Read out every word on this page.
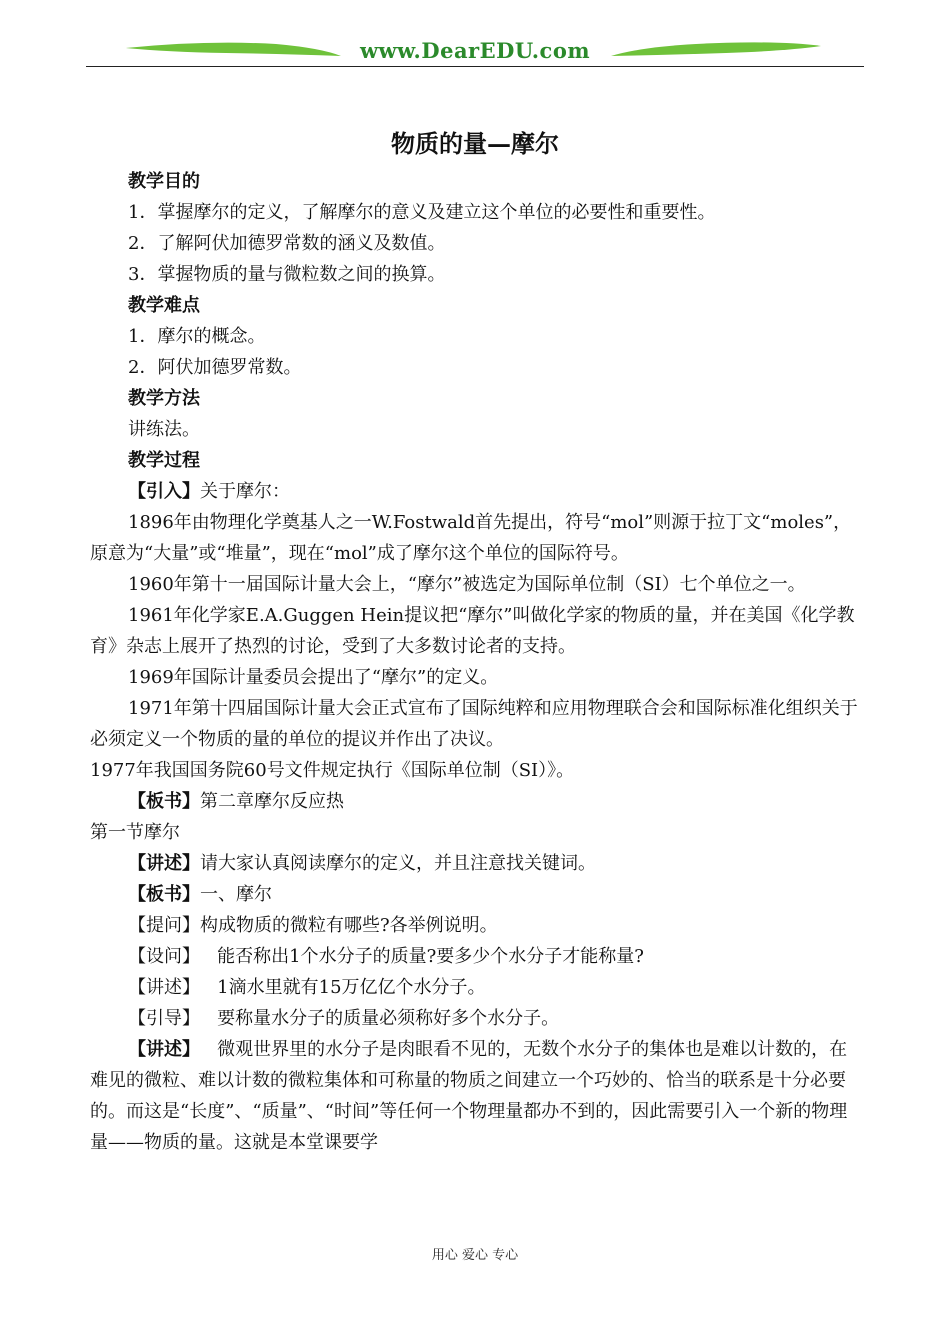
www.DearEDU.com
物质的量—摩尔

教学目的

1．掌握摩尔的定义，了解摩尔的意义及建立这个单位的必要性和重要性。

2．了解阿伏加德罗常数的涵义及数值。

3．掌握物质的量与微粒数之间的换算。

教学难点

1．摩尔的概念。

2．阿伏加德罗常数。

教学方法

讲练法。

教学过程

【引入】关于摩尔：

1896年由物理化学奠基人之一W.Fostwald首先提出，符号“mol”则源于拉丁文“moles”，原意为“大量”或“堆量”，现在“mol”成了摩尔这个单位的国际符号。

1960年第十一届国际计量大会上，“摩尔”被选定为国际单位制（SI）七个单位之一。

1961年化学家E.A.Guggen Hein提议把“摩尔”叫做化学家的物质的量，并在美国《化学教育》杂志上展开了热烈的讨论，受到了大多数讨论者的支持。

1969年国际计量委员会提出了“摩尔”的定义。

1971年第十四届国际计量大会正式宣布了国际纯粹和应用物理联合会和国际标准化组织关于必须定义一个物质的量的单位的提议并作出了决议。

1977年我国国务院60号文件规定执行《国际单位制（SI）》。

【板书】第二章摩尔反应热

第一节摩尔

【讲述】请大家认真阅读摩尔的定义，并且注意找关键词。

【板书】一、摩尔

【提问】构成物质的微粒有哪些?各举例说明。

【设问】 能否称出1个水分子的质量?要多少个水分子才能称量?

【讲述】 1滴水里就有15万亿亿个水分子。

【引导】 要称量水分子的质量必须称好多个水分子。

【讲述】 微观世界里的水分子是肉眼看不见的，无数个水分子的集体也是难以计数的，在难见的微粒、难以计数的微粒集体和可称量的物质之间建立一个巧妙的、恰当的联系是十分必要的。而这是“长度”、“质量”、“时间”等任何一个物理量都办不到的，因此需要引入一个新的物理量——物质的量。这就是本堂课要学

用心 爱心 专心
